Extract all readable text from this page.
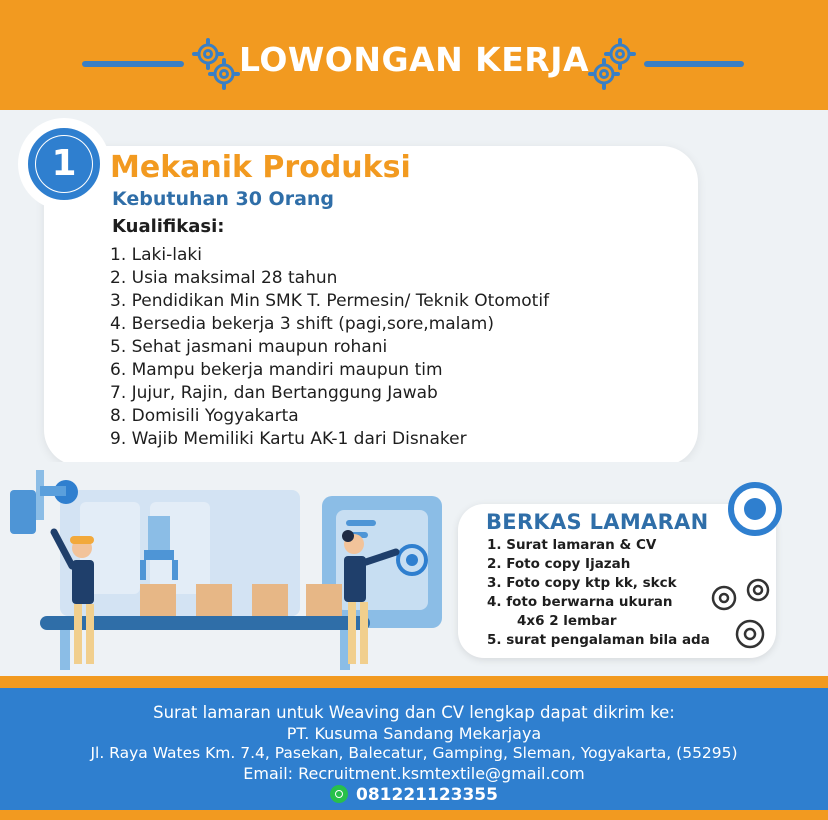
LOWONGAN KERJA
1	Mekanik Produksi
Kebutuhan 30 Orang
Kualifikasi:
1. Laki-laki
2. Usia maksimal 28 tahun
3. Pendidikan Min SMK T. Permesin/ Teknik Otomotif
4. Bersedia bekerja 3 shift (pagi,sore,malam)
5. Sehat jasmani maupun rohani
6. Mampu bekerja mandiri maupun tim
7. Jujur, Rajin, dan Bertanggung Jawab
8. Domisili Yogyakarta
9. Wajib Memiliki Kartu AK-1 dari Disnaker
BERKAS LAMARAN
1. Surat lamaran & CV
2. Foto copy Ijazah
3. Foto copy ktp kk, skck
4. foto berwarna ukuran
4x6 2 lembar
5. surat pengalaman bila ada
Surat lamaran untuk Weaving dan CV lengkap dapat dikrim ke:
PT. Kusuma Sandang Mekarjaya
Jl. Raya Wates Km. 7.4, Pasekan, Balecatur, Gamping, Sleman, Yogyakarta, (55295)
Email: Recruitment.ksmtextile@gmail.com
081221123355
